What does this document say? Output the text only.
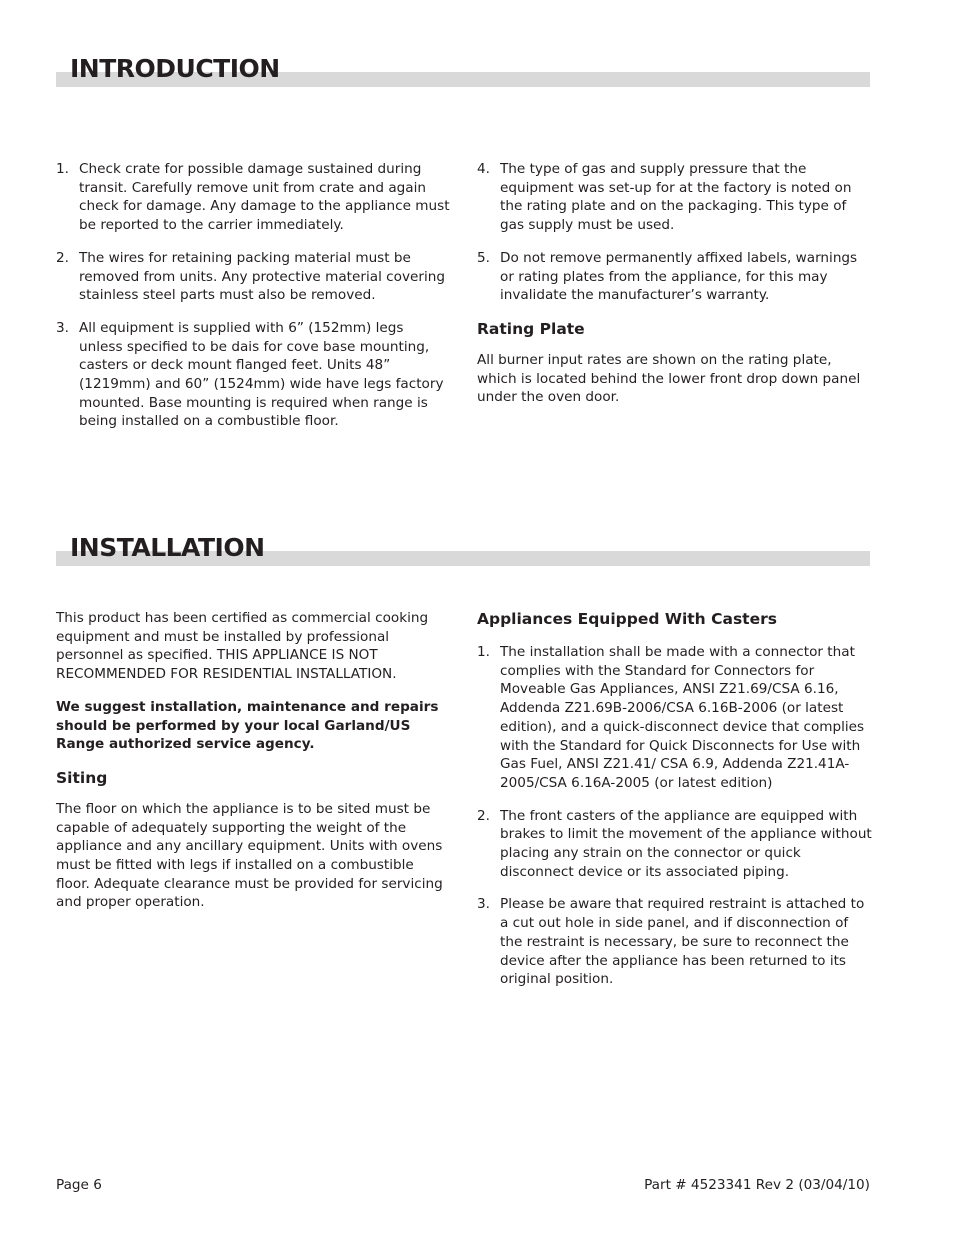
INTRODUCTION
1. Check crate for possible damage sustained during transit. Carefully remove unit from crate and again check for damage. Any damage to the appliance must be reported to the carrier immediately.
2. The wires for retaining packing material must be removed from units. Any protective material covering stainless steel parts must also be removed.
3. All equipment is supplied with 6” (152mm) legs unless specified to be dais for cove base mounting, casters or deck mount flanged feet. Units 48” (1219mm) and 60” (1524mm) wide have legs factory mounted. Base mounting is required when range is being installed on a combustible floor.
4. The type of gas and supply pressure that the equipment was set-up for at the factory is noted on the rating plate and on the packaging. This type of gas supply must be used.
5. Do not remove permanently affixed labels, warnings or rating plates from the appliance, for this may invalidate the manufacturer’s warranty.
Rating Plate

All burner input rates are shown on the rating plate, which is located behind the lower front drop down panel under the oven door.

INSTALLATION

This product has been certified as commercial cooking equipment and must be installed by professional personnel as specified. THIS APPLIANCE IS NOT RECOMMENDED FOR RESIDENTIAL INSTALLATION.

We suggest installation, maintenance and repairs should be performed by your local Garland/US Range authorized service agency.

Siting

The floor on which the appliance is to be sited must be capable of adequately supporting the weight of the appliance and any ancillary equipment. Units with ovens must be fitted with legs if installed on a combustible floor. Adequate clearance must be provided for servicing and proper operation.

Appliances Equipped With Casters
1. The installation shall be made with a connector that complies with the Standard for Connectors for Moveable Gas Appliances, ANSI Z21.69/CSA 6.16, Addenda Z21.69B-2006/CSA 6.16B-2006 (or latest edition), and a quick-disconnect device that complies with the Standard for Quick Disconnects for Use with Gas Fuel, ANSI Z21.41/ CSA 6.9, Addenda Z21.41A-2005/CSA 6.16A-2005 (or latest edition)
2. The front casters of the appliance are equipped with brakes to limit the movement of the appliance without placing any strain on the connector or quick disconnect device or its associated piping.
3. Please be aware that required restraint is attached to a cut out hole in side panel, and if disconnection of the restraint is necessary, be sure to reconnect the device after the appliance has been returned to its original position.
Page 6	Part # 4523341 Rev 2 (03/04/10)
